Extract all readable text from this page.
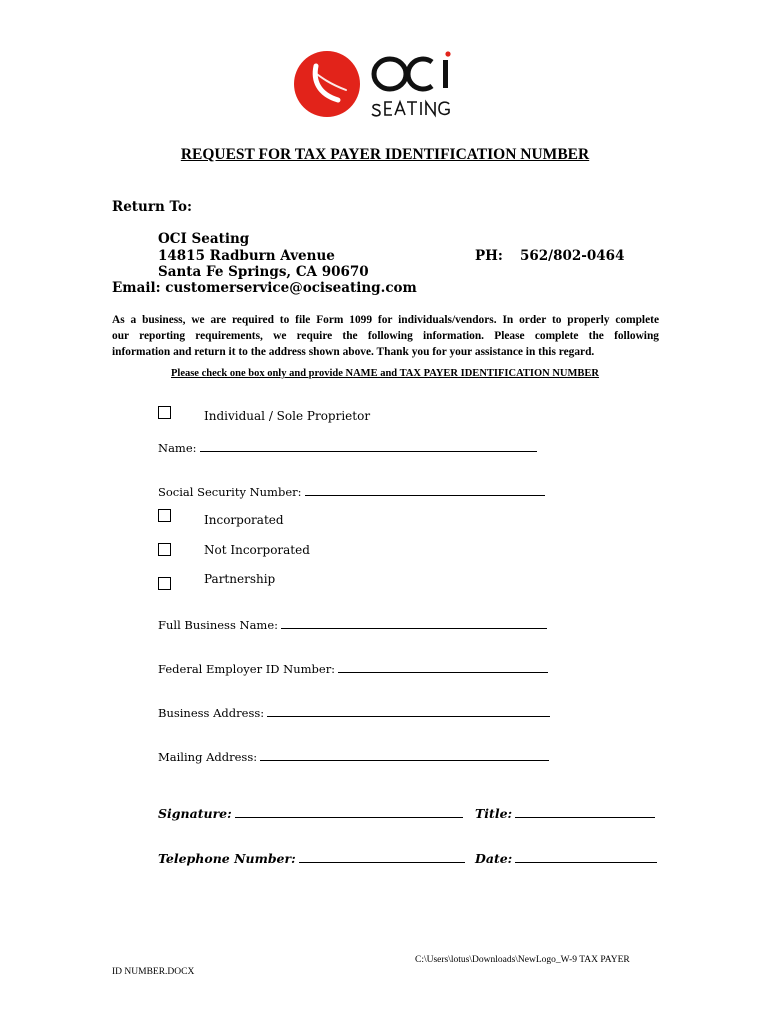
REQUEST FOR TAX PAYER IDENTIFICATION NUMBER
Return To:
OCI Seating
14815 Radburn Avenue
Santa Fe Springs, CA 90670
Email: customerservice@ociseating.com
PH: 562/802-0464
As a business, we are required to file Form 1099 for individuals/vendors. In order to properly complete
our reporting requirements, we require the following information. Please complete the following
information and return it to the address shown above. Thank you for your assistance in this regard.
Please check one box only and provide NAME and TAX PAYER IDENTIFICATION NUMBER
Individual / Sole Proprietor
Name:
Social Security Number:
Incorporated
Not Incorporated
Partnership
Full Business Name:
Federal Employer ID Number:
Business Address:
Mailing Address:
Signature:	Title:
Telephone Number:	Date:
C:\Users\lotus\Downloads\NewLogo_W-9 TAX PAYER
ID NUMBER.DOCX
